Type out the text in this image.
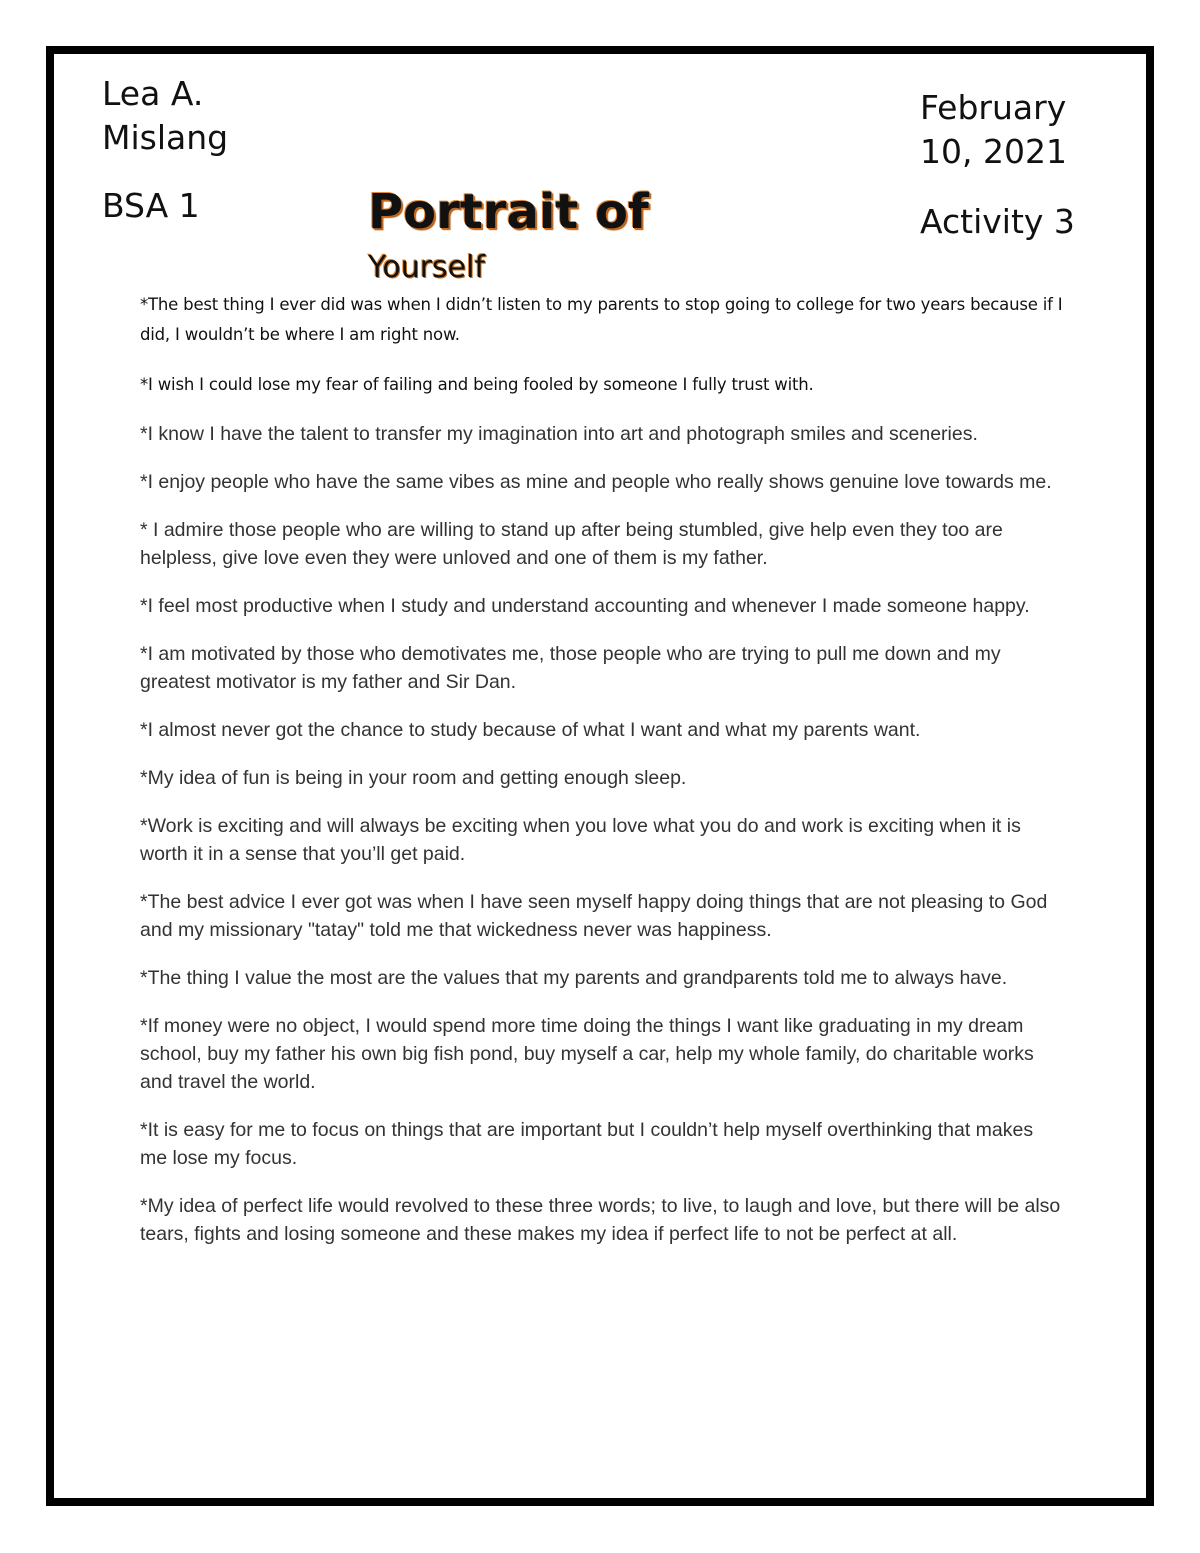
Lea A.
Mislang
BSA 1
February
10, 2021
Activity 3
Portrait of
Yourself

*The best thing I ever did was when I didn’t listen to my parents to stop going to college for two years because if I did, I wouldn’t be where I am right now.

*I wish I could lose my fear of failing and being fooled by someone I fully trust with.

*I know I have the talent to transfer my imagination into art and photograph smiles and sceneries.

*I enjoy people who have the same vibes as mine and people who really shows genuine love towards me.

* I admire those people who are willing to stand up after being stumbled, give help even they too are helpless, give love even they were unloved and one of them is my father.

*I feel most productive when I study and understand accounting and whenever I made someone happy.

*I am motivated by those who demotivates me, those people who are trying to pull me down and my greatest motivator is my father and Sir Dan.

*I almost never got the chance to study because of what I want and what my parents want.

*My idea of fun is being in your room and getting enough sleep.

*Work is exciting and will always be exciting when you love what you do and work is exciting when it is worth it in a sense that you’ll get paid.

*The best advice I ever got was when I have seen myself happy doing things that are not pleasing to God and my missionary "tatay" told me that wickedness never was happiness.

*The thing I value the most are the values that my parents and grandparents told me to always have.

*If money were no object, I would spend more time doing the things I want like graduating in my dream school, buy my father his own big fish pond, buy myself a car, help my whole family, do charitable works and travel the world.

*It is easy for me to focus on things that are important but I couldn’t help myself overthinking that makes me lose my focus.

*My idea of perfect life would revolved to these three words; to live, to laugh and love, but there will be also tears, fights and losing someone and these makes my idea if perfect life to not be perfect at all.
